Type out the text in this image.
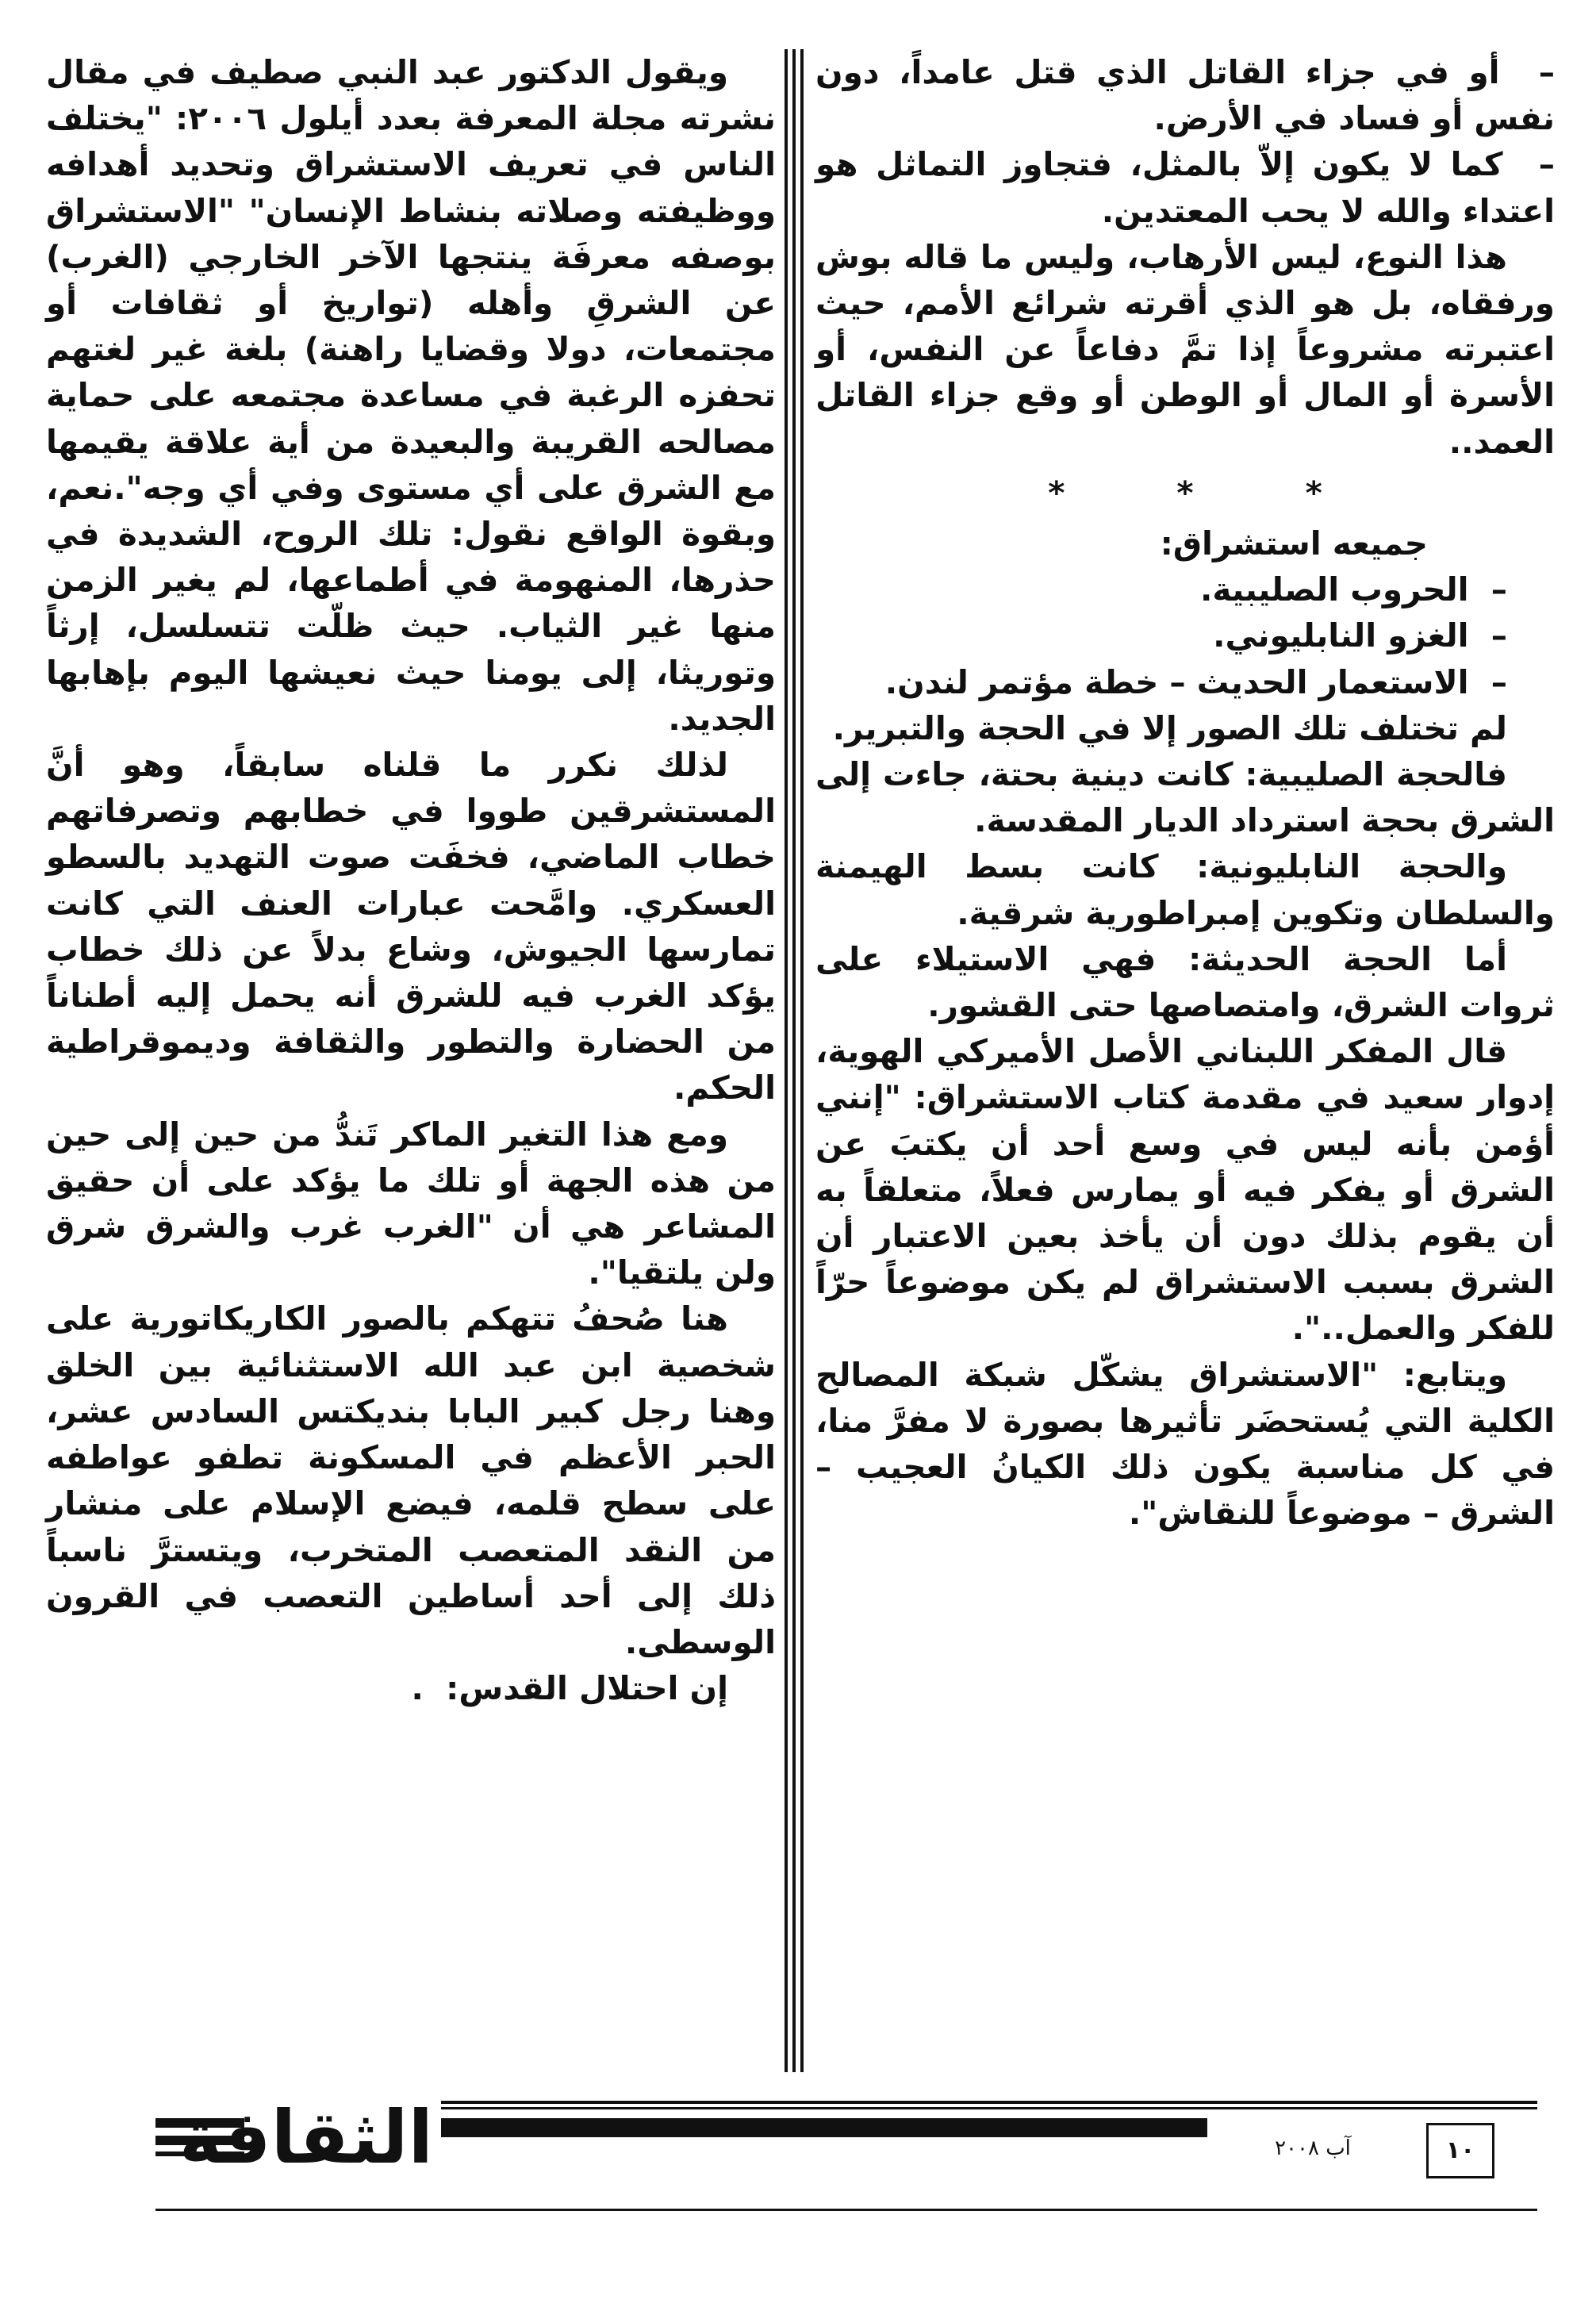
–  أو في جزاء القاتل الذي قتل عامداً، دون نفس أو فساد في الأرض.

–  كما لا يكون إلاّ بالمثل، فتجاوز التماثل هو اعتداء والله لا يحب المعتدين.

هذا النوع، ليس الأرهاب، وليس ما قاله بوش ورفقاه، بل هو الذي أقرته شرائع الأمم، حيث اعتبرته مشروعاً إذا تمَّ دفاعاً عن النفس، أو الأسرة أو المال أو الوطن أو وقع جزاء القاتل العمد..

*          *          *

جميعه استشراق:

–  الحروب الصليبية.

–  الغزو النابليوني.

–  الاستعمار الحديث – خطة مؤتمر لندن.

لم تختلف تلك الصور إلا في الحجة والتبرير.

فالحجة الصليبية: كانت دينية بحتة، جاءت إلى الشرق بحجة استرداد الديار المقدسة.

والحجة النابليونية: كانت بسط الهيمنة والسلطان وتكوين إمبراطورية شرقية.

أما الحجة الحديثة: فهي الاستيلاء على ثروات الشرق، وامتصاصها حتى القشور.

قال المفكر اللبناني الأصل الأميركي الهوية، إدوار سعيد في مقدمة كتاب الاستشراق: "إنني أؤمن بأنه ليس في وسع أحد أن يكتبَ عن الشرق أو يفكر فيه أو يمارس فعلاً، متعلقاً به أن يقوم بذلك دون أن يأخذ بعين الاعتبار أن الشرق بسبب الاستشراق لم يكن موضوعاً حرّاً للفكر والعمل..".

ويتابع: "الاستشراق يشكّل شبكة المصالح الكلية التي يُستحضَر تأثيرها بصورة لا مفرَّ منا، في كل مناسبة يكون ذلك الكيانُ العجيب – الشرق – موضوعاً للنقاش".

ويقول الدكتور عبد النبي صطيف في مقال نشرته مجلة المعرفة بعدد أيلول ٢٠٠٦: "يختلف الناس في تعريف الاستشراق وتحديد أهدافه ووظيفته وصلاته بنشاط الإنسان" "الاستشراق بوصفه معرفَة ينتجها الآخر الخارجي (الغرب) عن الشرقِ وأهله (تواريخ أو ثقافات أو مجتمعات، دولا وقضايا راهنة) بلغة غير لغتهم تحفزه الرغبة في مساعدة مجتمعه على حماية مصالحه القريبة والبعيدة من أية علاقة يقيمها مع الشرق على أي مستوى وفي أي وجه".نعم، وبقوة الواقع نقول: تلك الروح، الشديدة في حذرها، المنهومة في أطماعها، لم يغير الزمن منها غير الثياب. حيث ظلّت تتسلسل، إرثاً وتوريثا، إلى يومنا حيث نعيشها اليوم بإهابها الجديد.

لذلك نكرر ما قلناه سابقاً، وهو أنَّ المستشرقين طووا في خطابهم وتصرفاتهم خطاب الماضي، فخفَت صوت التهديد بالسطو العسكري. وامَّحت عبارات العنف التي كانت تمارسها الجيوش، وشاع بدلاً عن ذلك خطاب يؤكد الغرب فيه للشرق أنه يحمل إليه أطناناً من الحضارة والتطور والثقافة وديموقراطية الحكم.

ومع هذا التغير الماكر تَندُّ من حين إلى حين من هذه الجهة أو تلك ما يؤكد على أن حقيق المشاعر هي أن "الغرب غرب والشرق شرق ولن يلتقيا".

هنا صُحفُ تتهكم بالصور الكاريكاتورية على شخصية ابن عبد الله الاستثنائية بين الخلق وهنا رجل كبير البابا بنديكتس السادس عشر، الحبر الأعظم في المسكونة تطفو عواطفه على سطح قلمه، فيضع الإسلام على منشار من النقد المتعصب المتخرب، ويتسترَّ ناسباً ذلك إلى أحد أساطين التعصب في القرون الوسطى.

إن احتلال القدس:  .

الثقافة	آب ٢٠٠٨	١٠
